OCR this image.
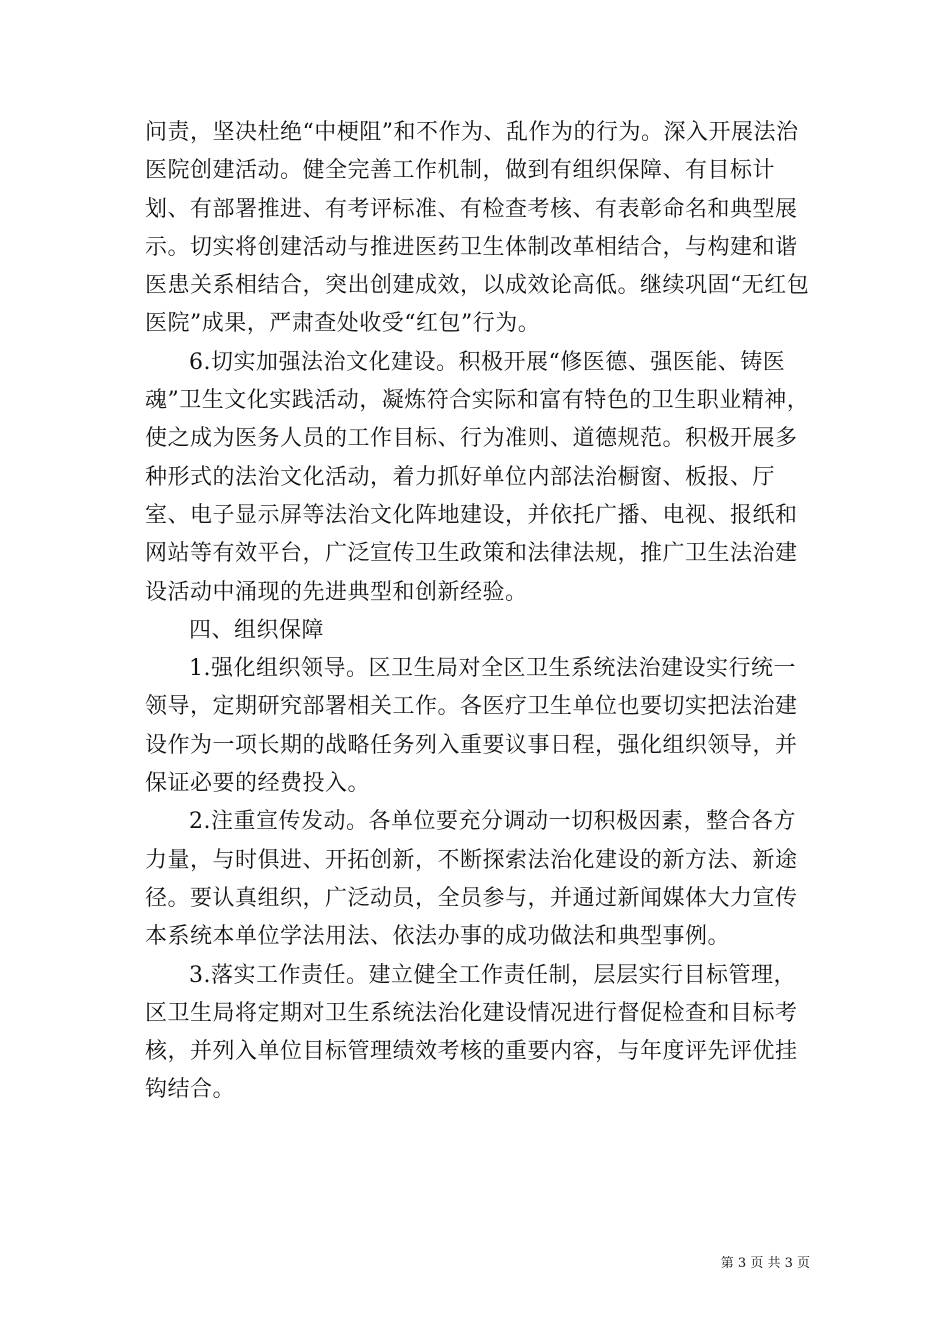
问责，坚决杜绝“中梗阻”和不作为、乱作为的行为。深入开展法治医院创建活动。健全完善工作机制，做到有组织保障、有目标计划、有部署推进、有考评标准、有检查考核、有表彰命名和典型展示。切实将创建活动与推进医药卫生体制改革相结合，与构建和谐医患关系相结合，突出创建成效，以成效论高低。继续巩固“无红包医院”成果，严肃查处收受“红包”行为。

6.切实加强法治文化建设。积极开展“修医德、强医能、铸医魂”卫生文化实践活动，凝炼符合实际和富有特色的卫生职业精神，使之成为医务人员的工作目标、行为准则、道德规范。积极开展多种形式的法治文化活动，着力抓好单位内部法治橱窗、板报、厅室、电子显示屏等法治文化阵地建设，并依托广播、电视、报纸和网站等有效平台，广泛宣传卫生政策和法律法规，推广卫生法治建设活动中涌现的先进典型和创新经验。

四、组织保障

1.强化组织领导。区卫生局对全区卫生系统法治建设实行统一领导，定期研究部署相关工作。各医疗卫生单位也要切实把法治建设作为一项长期的战略任务列入重要议事日程，强化组织领导，并保证必要的经费投入。

2.注重宣传发动。各单位要充分调动一切积极因素，整合各方力量，与时俱进、开拓创新，不断探索法治化建设的新方法、新途径。要认真组织，广泛动员，全员参与，并通过新闻媒体大力宣传本系统本单位学法用法、依法办事的成功做法和典型事例。

3.落实工作责任。建立健全工作责任制，层层实行目标管理，区卫生局将定期对卫生系统法治化建设情况进行督促检查和目标考核，并列入单位目标管理绩效考核的重要内容，与年度评先评优挂钩结合。

第 3 页 共 3 页
